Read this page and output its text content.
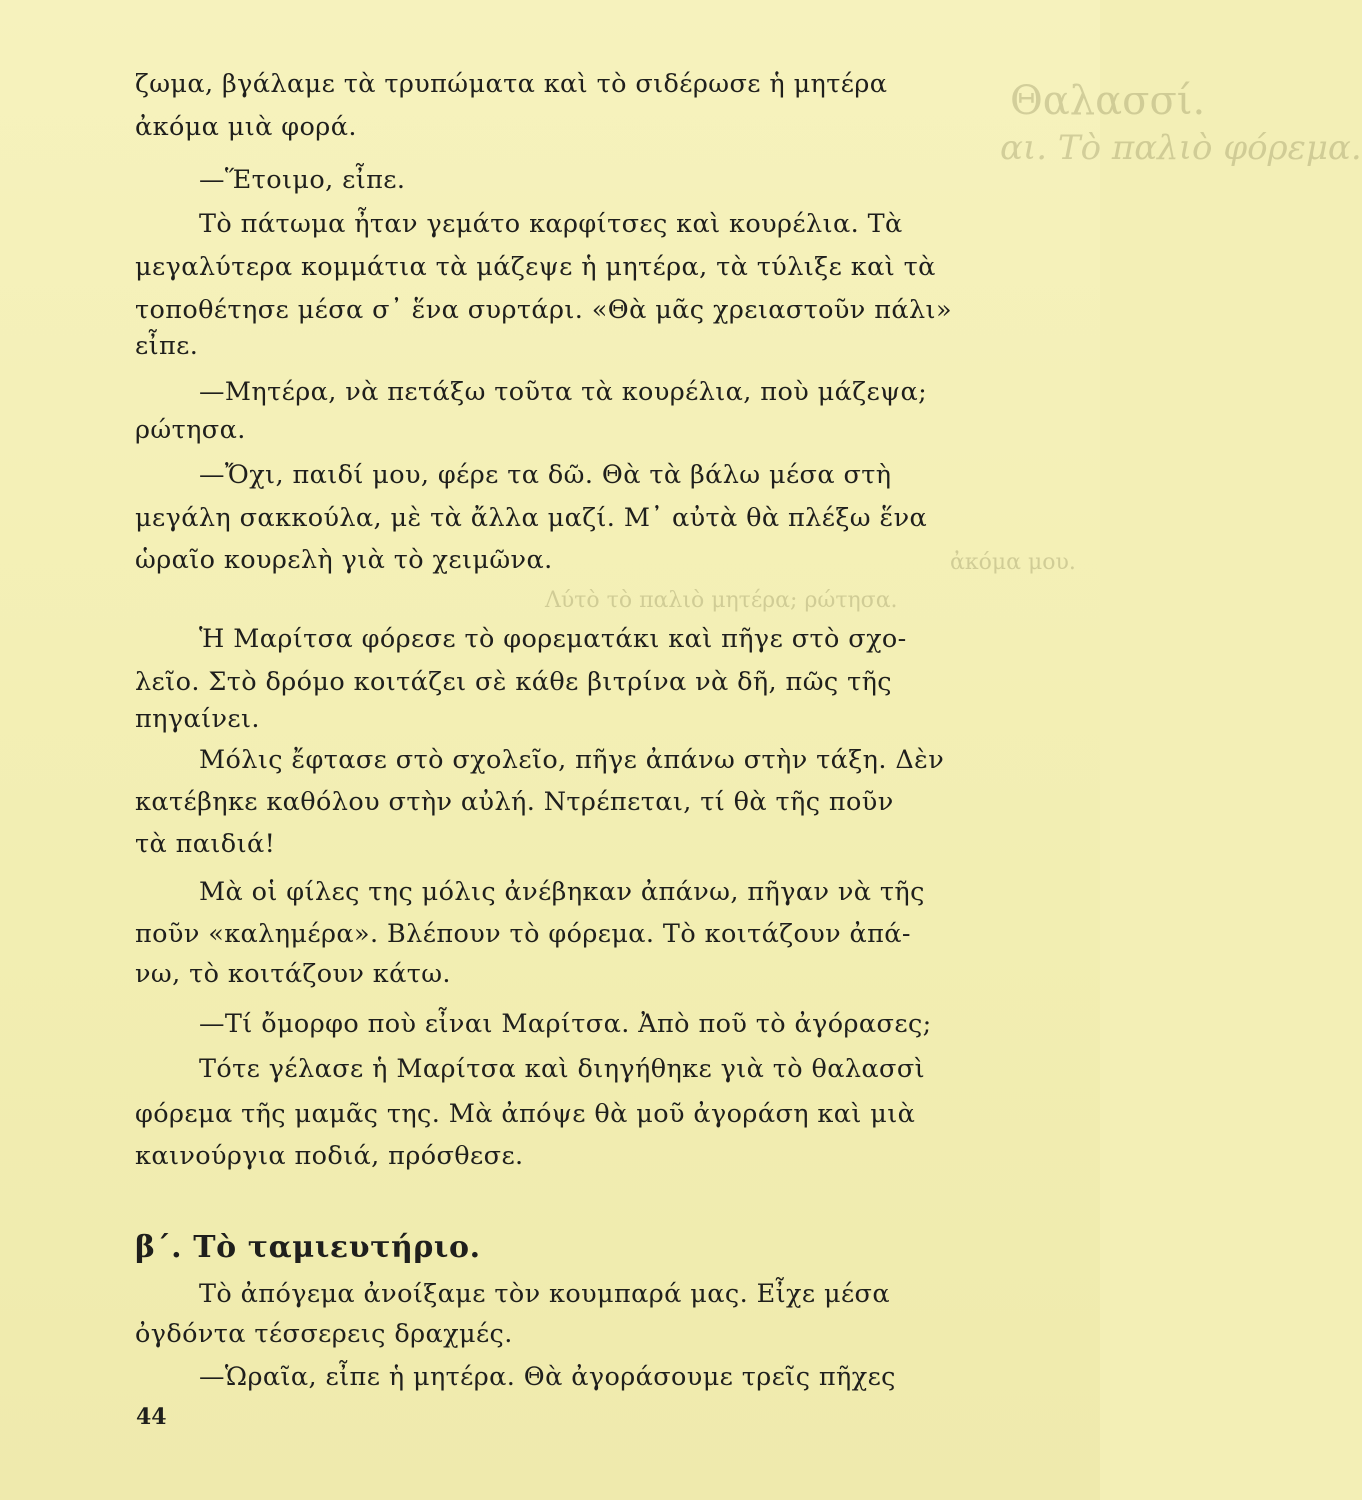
Θαλασσί.
αι. Τὸ παλιὸ φόρεμα.
Λύτὸ τὸ παλιὸ μητέρα; ρώτησα.
ἀκόμα μου.
ζωμα, βγάλαμε τὰ τρυπώματα καὶ τὸ σιδέρωσε ἡ μητέρα
ἀκόμα μιὰ φορά.
—Ἕτοιμο, εἶπε.
Τὸ πάτωμα ἦταν γεμάτο καρφίτσες καὶ κουρέλια. Τὰ
μεγαλύτερα κομμάτια τὰ μάζεψε ἡ μητέρα, τὰ τύλιξε καὶ τὰ
τοποθέτησε μέσα σ᾿ ἕνα συρτάρι. «Θὰ μᾶς χρειαστοῦν πάλι»
εἶπε.
—Μητέρα, νὰ πετάξω τοῦτα τὰ κουρέλια, ποὺ μάζεψα;
ρώτησα.
—Ὄχι, παιδί μου, φέρε τα δῶ. Θὰ τὰ βάλω μέσα στὴ
μεγάλη σακκούλα, μὲ τὰ ἄλλα μαζί. Μ᾿ αὐτὰ θὰ πλέξω ἕνα
ὡραῖο κουρελὴ γιὰ τὸ χειμῶνα.
Ἡ Μαρίτσα φόρεσε τὸ φορεματάκι καὶ πῆγε στὸ σχο-
λεῖο. Στὸ δρόμο κοιτάζει σὲ κάθε βιτρίνα νὰ δῆ, πῶς τῆς
πηγαίνει.
Μόλις ἔφτασε στὸ σχολεῖο, πῆγε ἀπάνω στὴν τάξη. Δὲν
κατέβηκε καθόλου στὴν αὐλή. Ντρέπεται, τί θὰ τῆς ποῦν
τὰ παιδιά!
Μὰ οἱ φίλες της μόλις ἀνέβηκαν ἀπάνω, πῆγαν νὰ τῆς
ποῦν «καλημέρα». Βλέπουν τὸ φόρεμα. Τὸ κοιτάζουν ἀπά-
νω, τὸ κοιτάζουν κάτω.
—Τί ὄμορφο ποὺ εἶναι Μαρίτσα. Ἀπὸ ποῦ τὸ ἀγόρασες;
Τότε γέλασε ἡ Μαρίτσα καὶ διηγήθηκε γιὰ τὸ θαλασσὶ
φόρεμα τῆς μαμᾶς της. Μὰ ἀπόψε θὰ μοῦ ἀγοράση καὶ μιὰ
καινούργια ποδιά, πρόσθεσε.
Τὸ ἀπόγεμα ἀνοίξαμε τὸν κουμπαρά μας. Εἶχε μέσα
ὀγδόντα τέσσερεις δραχμές.
—Ὡραῖα, εἶπε ἡ μητέρα. Θὰ ἀγοράσουμε τρεῖς πῆχες
β΄. Τὸ ταμιευτήριο.
44
